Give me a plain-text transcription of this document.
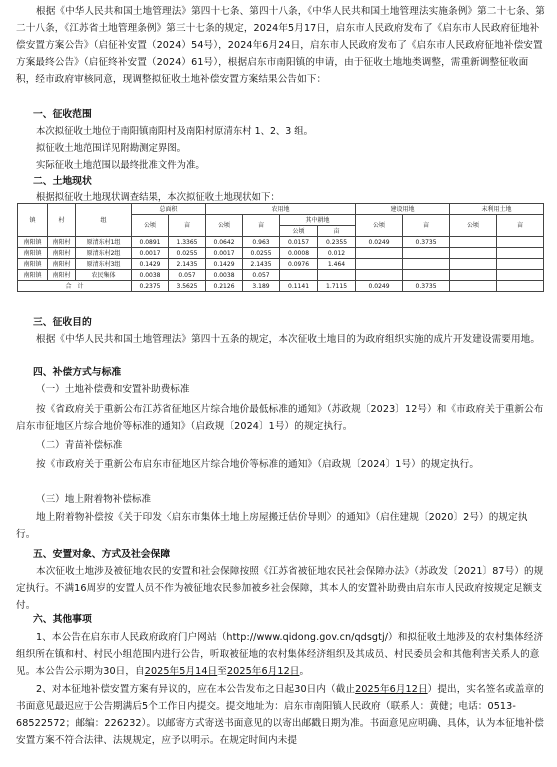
根据《中华人民共和国土地管理法》第四十七条、第四十八条，《中华人民共和国土地管理法实施条例》第二十七条、第二十八条，《江苏省土地管理条例》第三十七条的规定，2024年5月17日，启东市人民政府发布了《启东市人民政府征地补偿安置方案公告》（启征补安置（2024）54号），2024年6月24日，启东市人民政府发布了《启东市人民政府征地补偿安置方案最终公告》（启征终补安置（2024）61号），根据启东市南阳镇的申请，由于征收土地地类调整，需重新调整征收面积，经市政府审核同意，现调整拟征收土地补偿安置方案结果公告如下：
一、征收范围
本次拟征收土地位于南阳镇南阳村及南阳村原清东村 1、2、3 组。
拟征收土地范围详见附勘测定界图。
实际征收土地范围以最终批准文件为准。
二、土地现状
根据拟征收土地现状调查结果，本次拟征收土地现状如下：
镇	村	组	总面积		农用地				建设用地		未利用土地	
			公顷	亩	公顷	亩	其中耕地		公顷	亩	公顷	亩
							公顷	亩				
南阳镇	南阳村	原清东村1组	0.0891	1.3365	0.0642	0.963	0.0157	0.2355	0.0249	0.3735		
南阳镇	南阳村	原清东村2组	0.0017	0.0255	0.0017	0.0255	0.0008	0.012				
南阳镇	南阳村	原清东村3组	0.1429	2.1435	0.1429	2.1435	0.0976	1.464				
南阳镇	南阳村	农民集体	0.0038	0.057	0.0038	0.057						
合　计			0.2375	3.5625	0.2126	3.189	0.1141	1.7115	0.0249	0.3735		
三、征收目的
根据《中华人民共和国土地管理法》第四十五条的规定，本次征收土地目的为政府组织实施的成片开发建设需要用地。
四、补偿方式与标准
（一）土地补偿费和安置补助费标准
按《省政府关于重新公布江苏省征地区片综合地价最低标准的通知》（苏政规〔2023〕12号）和《市政府关于重新公布启东市征地区片综合地价等标准的通知》（启政规〔2024〕1号）的规定执行。
（二）青苗补偿标准
按《市政府关于重新公布启东市征地区片综合地价等标准的通知》（启政规〔2024〕1号）的规定执行。
（三）地上附着物补偿标准
地上附着物补偿按《关于印发〈启东市集体土地上房屋搬迁估价导则〉的通知》（启住建规〔2020〕2号）的规定执行。
五、安置对象、方式及社会保障
本次征收土地涉及被征地农民的安置和社会保障按照《江苏省被征地农民社会保障办法》（苏政发〔2021〕87号）的规定执行。不满16周岁的安置人员不作为被征地农民参加被乡社会保障，其本人的安置补助费由启东市人民政府按规定足额支付。
六、其他事项
1、本公告在启东市人民政府政府门户网站（http://www.qidong.gov.cn/qdsgtj/）和拟征收土地涉及的农村集体经济组织所在镇和村、村民小组范围内进行公告，听取被征地的农村集体经济组织及其成员、村民委员会和其他利害关系人的意见。本公告公示期为30日，自2025年5月14日至2025年6月12日。
2、对本征地补偿安置方案有异议的，应在本公告发布之日起30日内（截止2025年6月12日）提出，实名签名或盖章的书面意见最迟应于公告期满后5个工作日内提交。提交地址为：启东市南阳镇人民政府（联系人：黄健；电话：0513-68522572；邮编：226232）。以邮寄方式寄送书面意见的以寄出邮戳日期为准。书面意见应明确、具体，认为本征地补偿安置方案不符合法律、法规规定，应予以明示。在规定时间内未提
